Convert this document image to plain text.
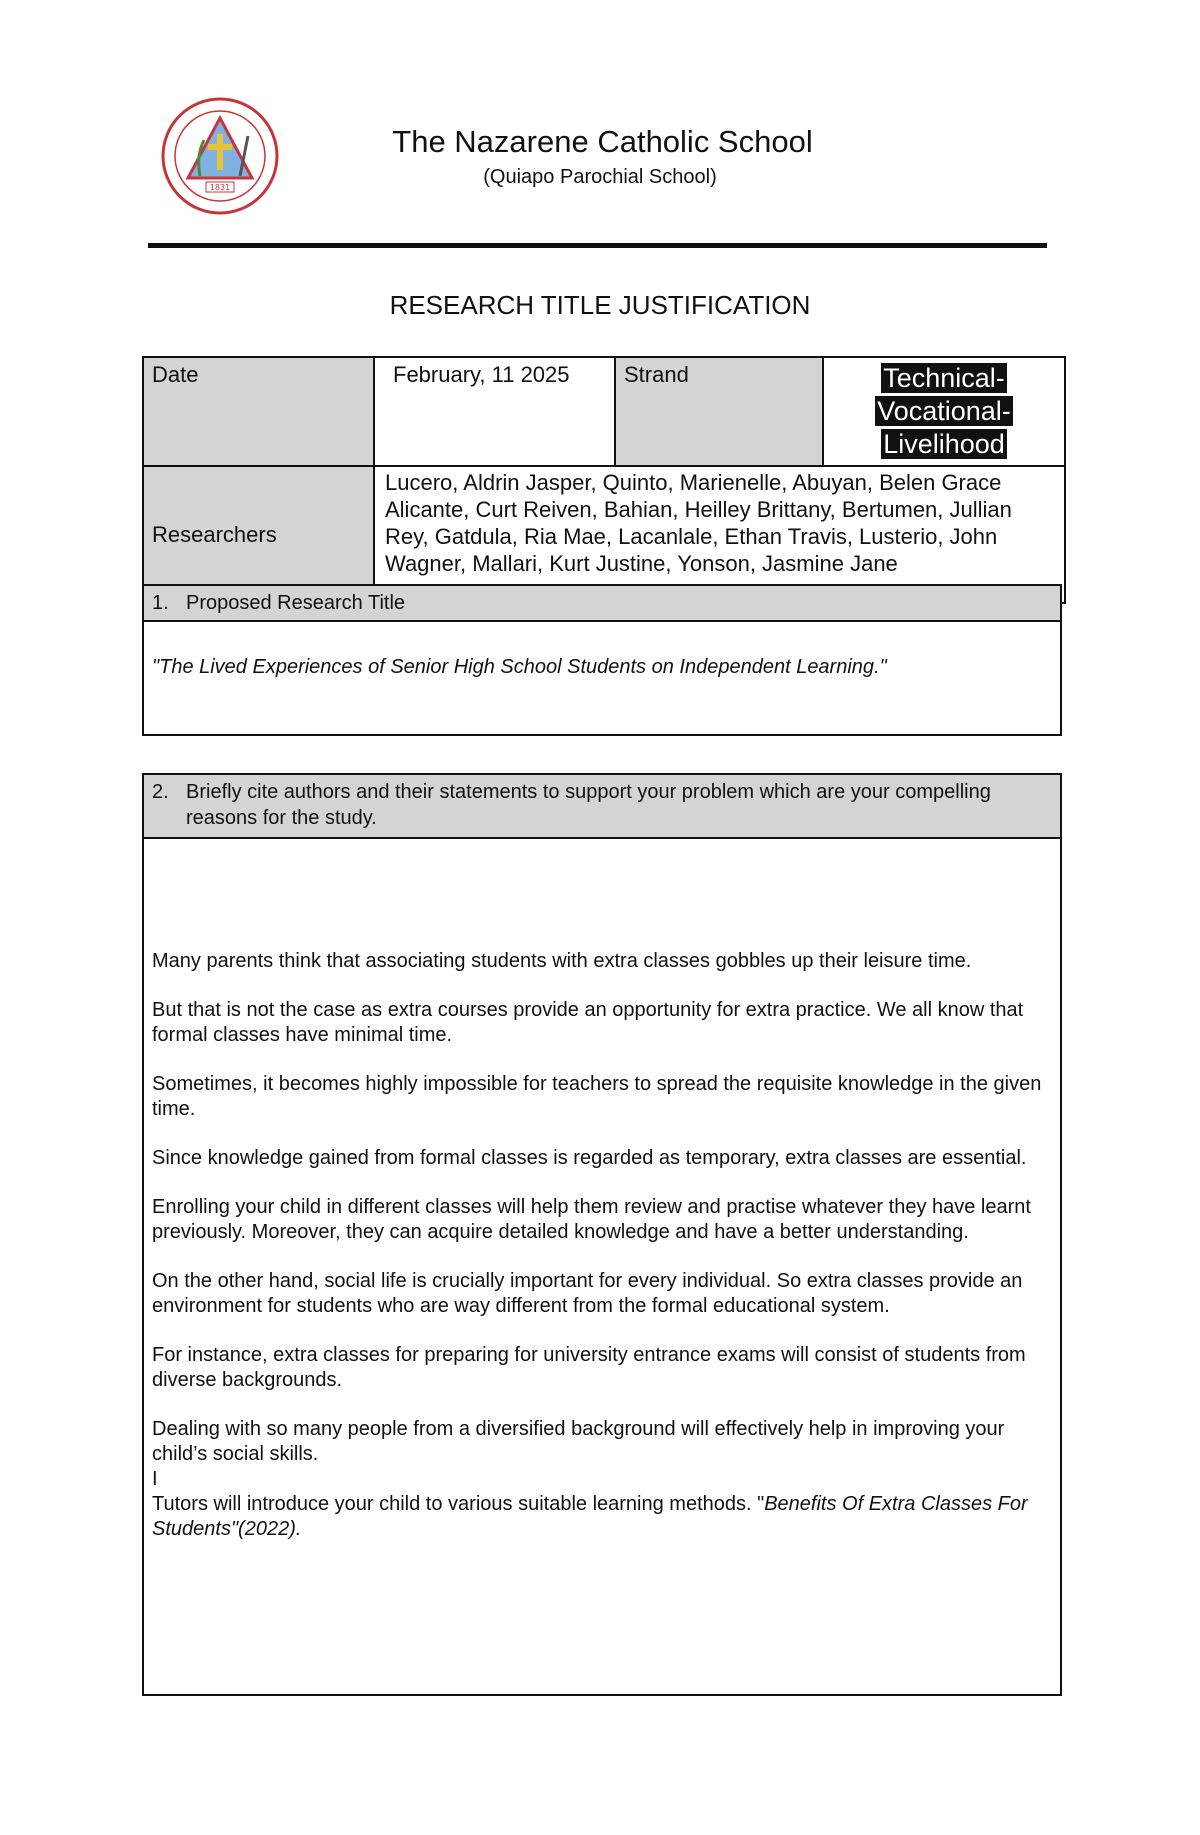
1831
The Nazarene Catholic School
(Quiapo Parochial School)
RESEARCH TITLE JUSTIFICATION
Date	February, 11 2025	Strand	Technical-Vocational-Livelihood
Researchers	Lucero, Aldrin Jasper, Quinto, Marienelle, Abuyan, Belen Grace Alicante, Curt Reiven, Bahian, Heilley Brittany, Bertumen, Jullian Rey, Gatdula, Ria Mae, Lacanlale, Ethan Travis, Lusterio, John Wagner, Mallari, Kurt Justine, Yonson, Jasmine Jane		
1. Proposed Research Title
"The Lived Experiences of Senior High School Students on Independent Learning."
2. Briefly cite authors and their statements to support your problem which are your compelling reasons for the study.

Many parents think that associating students with extra classes gobbles up their leisure time.

But that is not the case as extra courses provide an opportunity for extra practice. We all know that formal classes have minimal time.

Sometimes, it becomes highly impossible for teachers to spread the requisite knowledge in the given time.

Since knowledge gained from formal classes is regarded as temporary, extra classes are essential.

Enrolling your child in different classes will help them review and practise whatever they have learnt previously. Moreover, they can acquire detailed knowledge and have a better understanding.

On the other hand, social life is crucially important for every individual. So extra classes provide an environment for students who are way different from the formal educational system.

For instance, extra classes for preparing for university entrance exams will consist of students from diverse backgrounds.

Dealing with so many people from a diversified background will effectively help in improving your child’s social skills.

I

Tutors will introduce your child to various suitable learning methods. "Benefits Of Extra Classes For Students"(2022).
